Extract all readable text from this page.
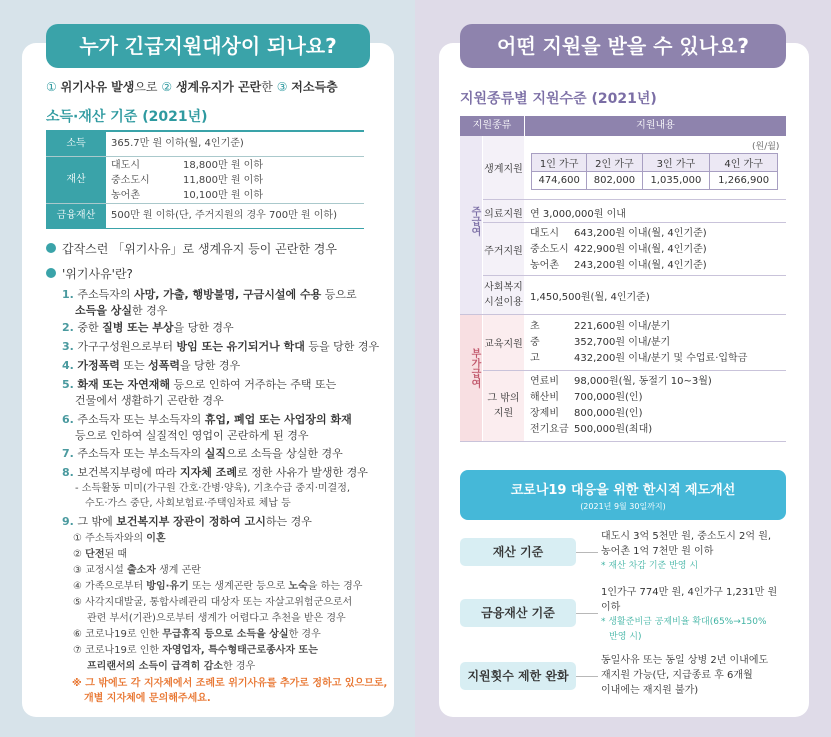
누가 긴급지원대상이 되나요?
① 위기사유 발생으로 ② 생계유지가 곤란한 ③ 저소득층
소득·재산 기준 (2021년)
소득	365.7만 원 이하(월, 4인기준)
재산
대도시	18,800만 원 이하
중소도시	11,800만 원 이하
농어촌	10,100만 원 이하
금융재산	500만 원 이하(단, 주거지원의 경우 700만 원 이하)
갑작스런 「위기사유」로 생계유지 등이 곤란한 경우
'위기사유'란?
1. 주소득자의 사망, 가출, 행방불명, 구금시설에 수용 등으로
소득을 상실한 경우
2. 중한 질병 또는 부상을 당한 경우
3. 가구구성원으로부터 방임 또는 유기되거나 학대 등을 당한 경우
4. 가정폭력 또는 성폭력을 당한 경우
5. 화재 또는 자연재해 등으로 인하여 거주하는 주택 또는
건물에서 생활하기 곤란한 경우
6. 주소득자 또는 부소득자의 휴업, 폐업 또는 사업장의 화재
등으로 인하여 실질적인 영업이 곤란하게 된 경우
7. 주소득자 또는 부소득자의 실직으로 소득을 상실한 경우
8. 보건복지부령에 따라 지자체 조례로 정한 사유가 발생한 경우
- 소득활동 미미(가구원 간호·간병·양육), 기초수급 중지·미결정,
수도·가스 중단, 사회보험료·주택임차료 체납 등
9. 그 밖에 보건복지부 장관이 정하여 고시하는 경우
① 주소득자와의 이혼
② 단전된 때
③ 교정시설 출소자 생계 곤란
④ 가족으로부터 방임·유기 또는 생계곤란 등으로 노숙을 하는 경우
⑤ 사각지대발굴, 통합사례관리 대상자 또는 자살고위험군으로서
관련 부서(기관)으로부터 생계가 어렵다고 추천을 받은 경우
⑥ 코로나19로 인한 무급휴직 등으로 소득을 상실한 경우
⑦ 코로나19로 인한 자영업자, 특수형태근로종사자 또는
프리랜서의 소득이 급격히 감소한 경우
※ 그 밖에도 각 지자체에서 조례로 위기사유를 추가로 정하고 있으므로,
개별 지자체에 문의해주세요.
어떤 지원을 받을 수 있나요?
지원종류별 지원수준 (2021년)
지원종류	지원내용
주급여
부가급여
생계지원
(원/월)
1인 가구	2인 가구	3인 가구	4인 가구
474,600	802,000	1,035,000	1,266,900
의료지원 연 3,000,000원 이내
주거지원
대도시 643,200원 이내(월, 4인기준)
중소도시 422,900원 이내(월, 4인기준)
농어촌 243,200원 이내(월, 4인기준)
사회복지
시설이용 1,450,500원(월, 4인기준)
교육지원
초	221,600원 이내/분기
중	352,700원 이내/분기
고	432,200원 이내/분기 및 수업료·입학금
그 밖의
지원
연료비 98,000원(월, 동절기 10~3월)
해산비 700,000원(인)
장제비 800,000원(인)
전기요금 500,000원(최대)
코로나19 대응을 위한 한시적 제도개선
(2021년 9월 30일까지)
재산 기준
대도시 3억 5천만 원, 중소도시 2억 원,
농어촌 1억 7천만 원 이하
* 재산 차감 기준 반영 시
금융재산 기준
1인가구 774만 원, 4인가구 1,231만 원
이하
* 생활준비금 공제비율 확대(65%→150%
반영 시)
지원횟수 제한 완화
동일사유 또는 동일 상병 2년 이내에도
재지원 가능(단, 지급종료 후 6개월
이내에는 재지원 불가)
